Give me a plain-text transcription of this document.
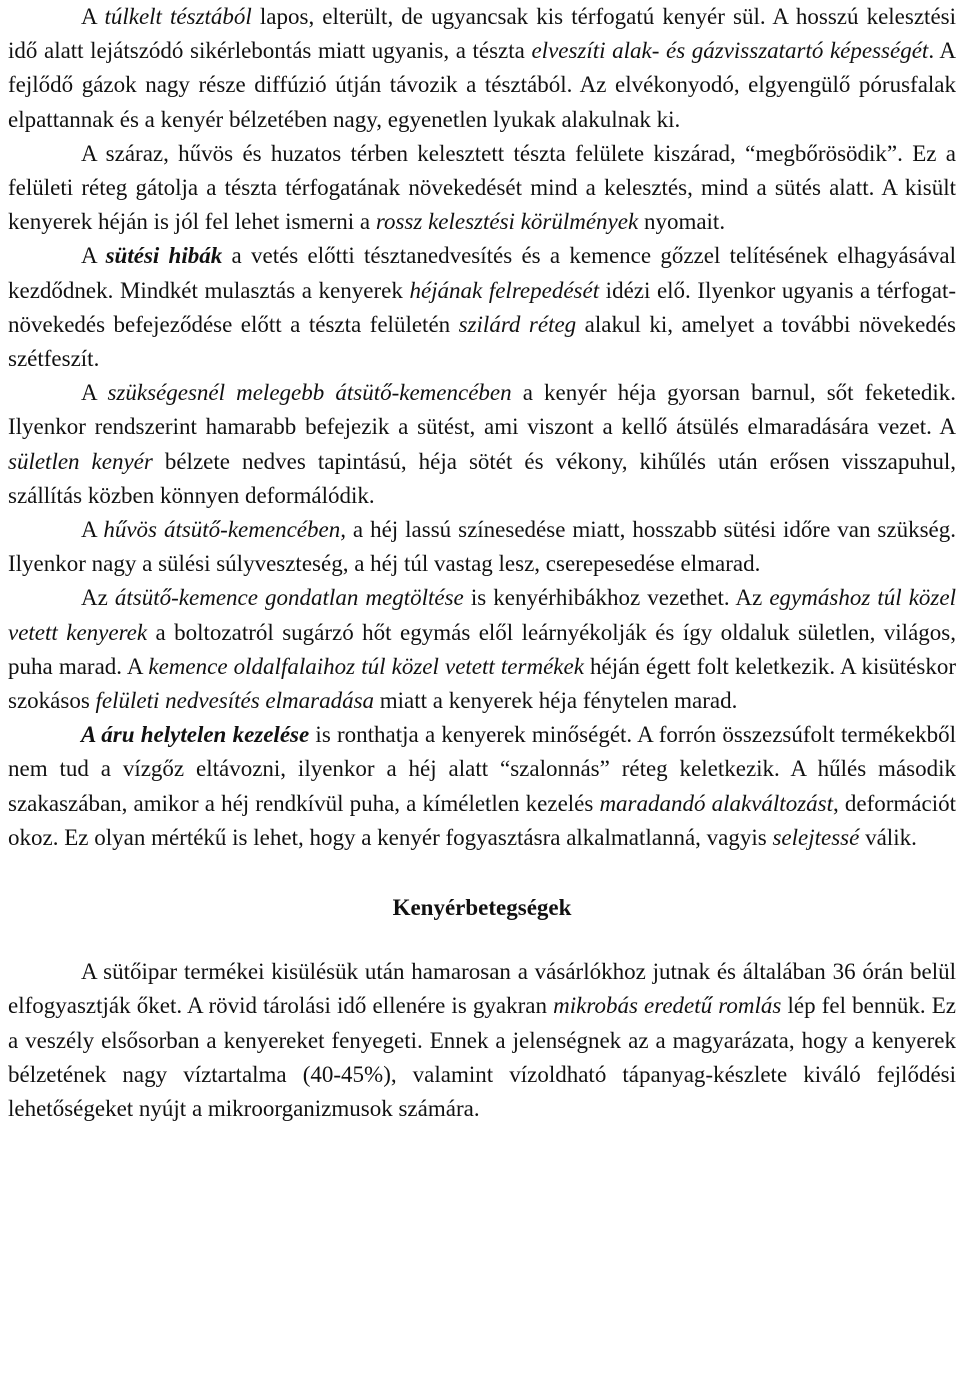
A túlkelt tésztából lapos, elterült, de ugyancsak kis térfogatú kenyér sül. A hosszú kelesztési idő alatt lejátszódó sikérlebontás miatt ugyanis, a tészta elveszíti alak- és gázvisszatartó képességét. A fejlődő gázok nagy része diffúzió útján távozik a tésztából. Az elvékonyodó, elgyengülő pórusfalak elpattannak és a kenyér bélzetében nagy, egyenetlen lyukak alakulnak ki.

A száraz, hűvös és huzatos térben kelesztett tészta felülete kiszárad, “megbőrösödik”. Ez a felületi réteg gátolja a tészta térfogatának növekedését mind a kelesztés, mind a sütés alatt. A kisült kenyerek héján is jól fel lehet ismerni a rossz kelesztési körülmények nyomait.

A sütési hibák a vetés előtti tésztanedvesítés és a kemence gőzzel telítésének elhagyásával kezdődnek. Mindkét mulasztás a kenyerek héjának felrepedését idézi elő. Ilyenkor ugyanis a térfogat-növekedés befejeződése előtt a tészta felületén szilárd réteg alakul ki, amelyet a további növekedés szétfeszít.

A szükségesnél melegebb átsütő-kemencében a kenyér héja gyorsan barnul, sőt feketedik. Ilyenkor rendszerint hamarabb befejezik a sütést, ami viszont a kellő átsülés elmaradására vezet. A sületlen kenyér bélzete nedves tapintású, héja sötét és vékony, kihűlés után erősen visszapuhul, szállítás közben könnyen deformálódik.

A hűvös átsütő-kemencében, a héj lassú színesedése miatt, hosszabb sütési időre van szükség. Ilyenkor nagy a sülési súlyveszteség, a héj túl vastag lesz, cserepesedése elmarad.

Az átsütő-kemence gondatlan megtöltése is kenyérhibákhoz vezethet. Az egymáshoz túl közel vetett kenyerek a boltozatról sugárzó hőt egymás elől leárnyékolják és így oldaluk sületlen, világos, puha marad. A kemence oldalfalaihoz túl közel vetett termékek héján égett folt keletkezik. A kisütéskor szokásos felületi nedvesítés elmaradása miatt a kenyerek héja fénytelen marad.

A áru helytelen kezelése is ronthatja a kenyerek minőségét. A forrón összezsúfolt termékekből nem tud a vízgőz eltávozni, ilyenkor a héj alatt “szalonnás” réteg keletkezik. A hűlés második szakaszában, amikor a héj rendkívül puha, a kíméletlen kezelés maradandó alakváltozást, deformációt okoz. Ez olyan mértékű is lehet, hogy a kenyér fogyasztásra alkalmatlanná, vagyis selejtessé válik.

Kenyérbetegségek

A sütőipar termékei kisülésük után hamarosan a vásárlókhoz jutnak és általában 36 órán belül elfogyasztják őket. A rövid tárolási idő ellenére is gyakran mikrobás eredetű romlás lép fel bennük. Ez a veszély elsősorban a kenyereket fenyegeti. Ennek a jelenségnek az a magyarázata, hogy a kenyerek bélzetének nagy víztartalma (40-45%), valamint vízoldható tápanyag-készlete kiváló fejlődési lehetőségeket nyújt a mikroorganizmusok számára.
